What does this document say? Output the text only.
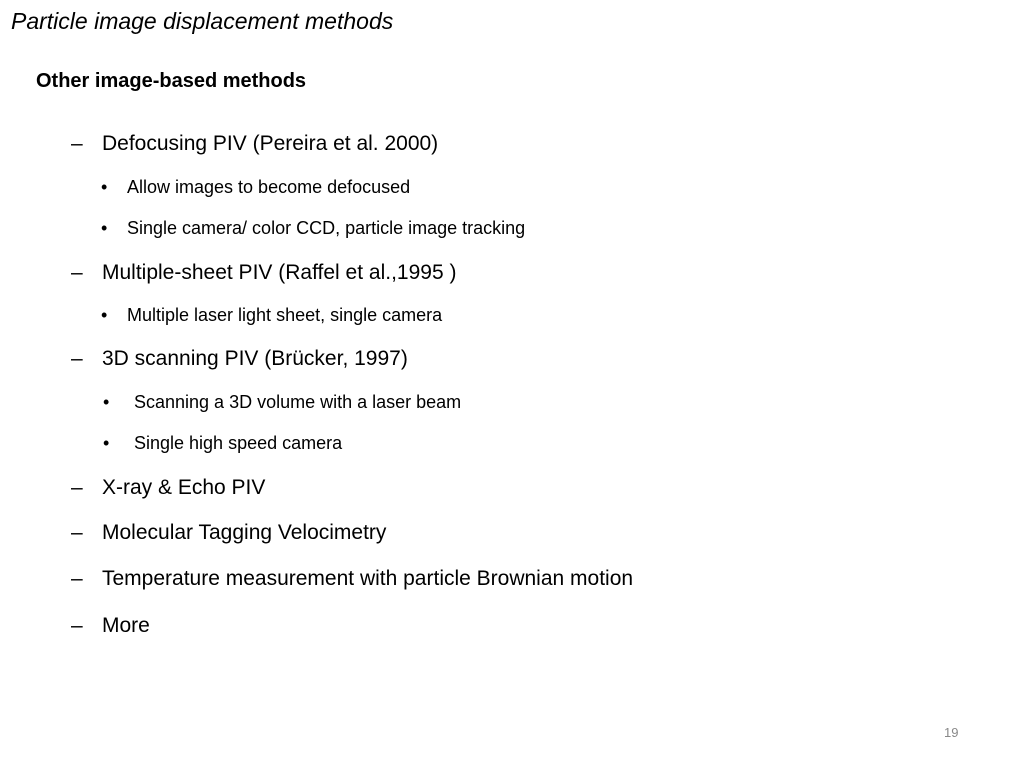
Particle image displacement methods
Other image-based methods
– Defocusing PIV (Pereira et al. 2000)
• Allow images to become defocused
• Single camera/ color CCD, particle image tracking
– Multiple-sheet PIV (Raffel et al.,1995 )
• Multiple laser light sheet, single camera
– 3D scanning PIV (Brücker, 1997)
• Scanning a 3D volume with a laser beam
• Single high speed camera
– X-ray & Echo PIV
– Molecular Tagging Velocimetry
– Temperature measurement with particle Brownian motion
– More
19
